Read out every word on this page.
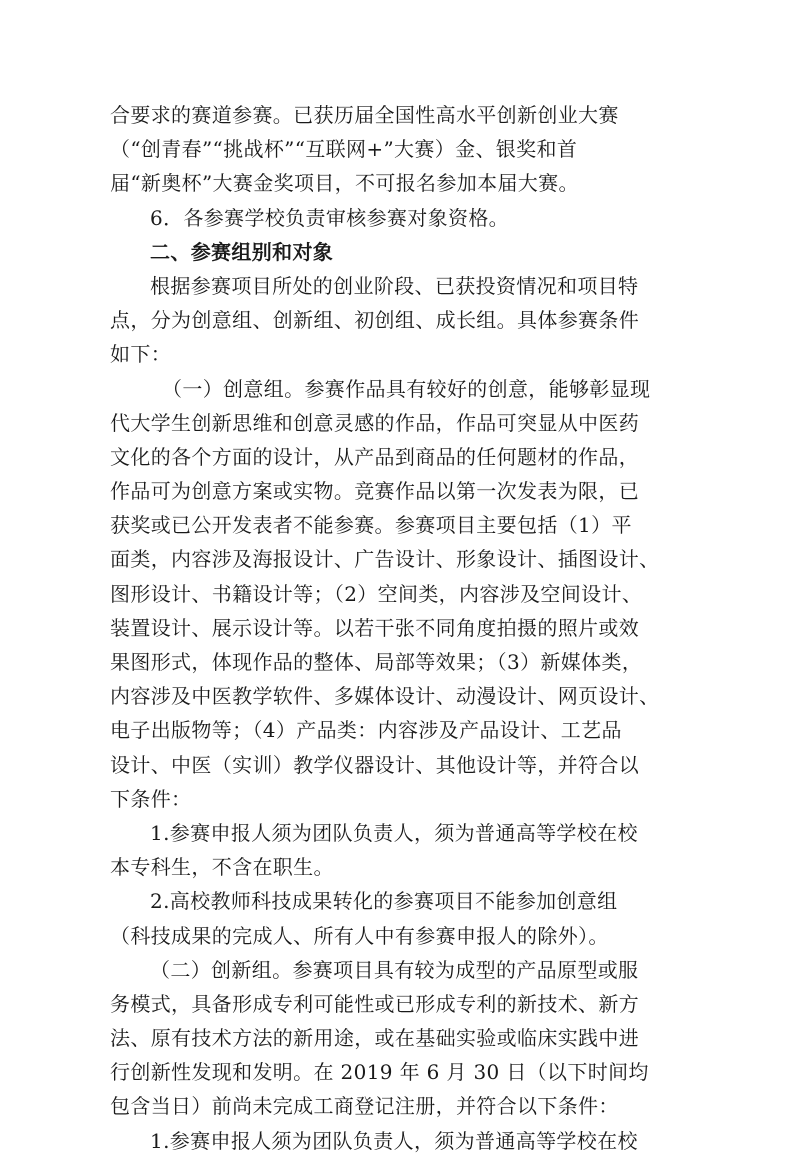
合要求的赛道参赛。已获历届全国性高水平创新创业大赛
（“创青春”“挑战杯”“互联网+”大赛）金、银奖和首
届“新奥杯”大赛金奖项目，不可报名参加本届大赛。
6．各参赛学校负责审核参赛对象资格。
二、参赛组别和对象
根据参赛项目所处的创业阶段、已获投资情况和项目特
点，分为创意组、创新组、初创组、成长组。具体参赛条件
如下：
（一）创意组。参赛作品具有较好的创意，能够彰显现
代大学生创新思维和创意灵感的作品，作品可突显从中医药
文化的各个方面的设计，从产品到商品的任何题材的作品，
作品可为创意方案或实物。竞赛作品以第一次发表为限，已
获奖或已公开发表者不能参赛。参赛项目主要包括（1）平
面类，内容涉及海报设计、广告设计、形象设计、插图设计、
图形设计、书籍设计等；（2）空间类，内容涉及空间设计、
装置设计、展示设计等。以若干张不同角度拍摄的照片或效
果图形式，体现作品的整体、局部等效果；（3）新媒体类，
内容涉及中医教学软件、多媒体设计、动漫设计、网页设计、
电子出版物等；（4）产品类：内容涉及产品设计、工艺品
设计、中医（实训）教学仪器设计、其他设计等，并符合以
下条件：
1.参赛申报人须为团队负责人，须为普通高等学校在校
本专科生，不含在职生。
2.高校教师科技成果转化的参赛项目不能参加创意组
（科技成果的完成人、所有人中有参赛申报人的除外）。
（二）创新组。参赛项目具有较为成型的产品原型或服
务模式，具备形成专利可能性或已形成专利的新技术、新方
法、原有技术方法的新用途，或在基础实验或临床实践中进
行创新性发现和发明。在 2019 年 6 月 30 日（以下时间均
包含当日）前尚未完成工商登记注册，并符合以下条件：
1.参赛申报人须为团队负责人，须为普通高等学校在校
